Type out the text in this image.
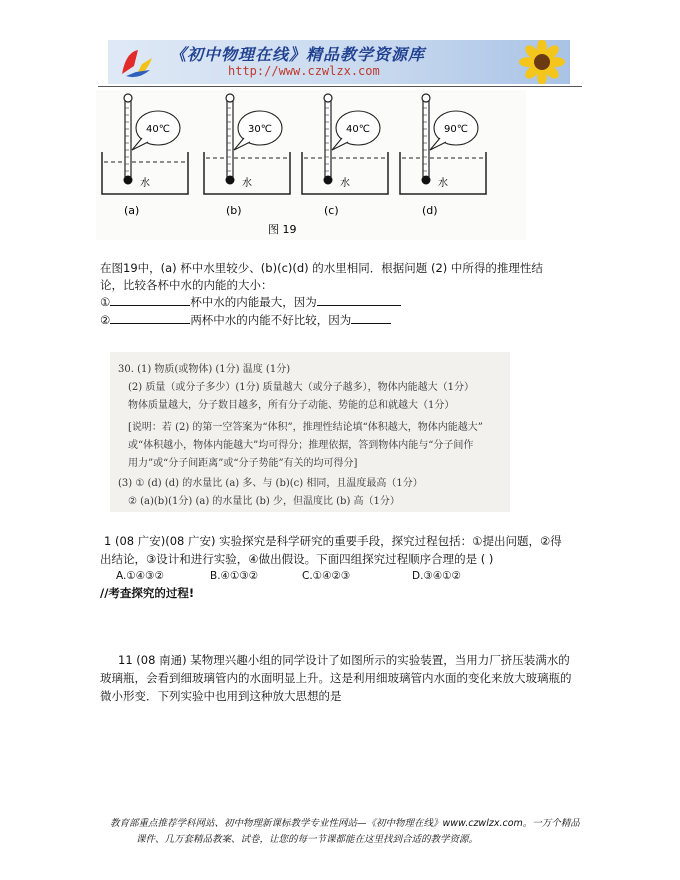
《初中物理在线》精品教学资源库
http://www.czwlzx.com
40℃
水
(a)
30℃
水
(b)
40℃
水
(c)
90℃
水
(d)
图 19
在图19中，(a) 杯中水里较少、(b)(c)(d) 的水里相同．根据问题 (2) 中所得的推理性结
论，比较各杯中水的内能的大小：
①	杯中水的内能最大，因为
②	两杯中水的内能不好比较，因为
30. (1) 物质(或物体) (1分) 温度 (1分)
(2) 质量（或分子多少）(1分) 质量越大（或分子越多），物体内能越大（1分）
物体质量越大，分子数目越多，所有分子动能、势能的总和就越大（1分）
[说明：若 (2) 的第一空答案为“体积”，推理性结论填“体积越大，物体内能越大”
或“体积越小，物体内能越大”均可得分；推理依据，答到物体内能与“分子间作
用力”或“分子间距离”或“分子势能”有关的均可得分]
(3) ① (d) (d) 的水量比 (a) 多、与 (b)(c) 相同，且温度最高（1分）
② (a)(b)(1分) (a) 的水量比 (b) 少，但温度比 (b) 高（1分）
1 (08 广安)(08 广安) 实验探究是科学研究的重要手段，探究过程包括：①提出问题，②得
出结论，③设计和进行实验，④做出假设。下面四组探究过程顺序合理的是 ( )
A.①④③②	B.④①③②	C.①④②③	D.③④①②
//考查探究的过程!
11 (08 南通) 某物理兴趣小组的同学设计了如图所示的实验装置，当用力厂挤压装满水的
玻璃瓶，会看到细玻璃管内的水面明显上升。这是利用细玻璃管内水面的变化来放大玻璃瓶的
微小形变．下列实验中也用到这种放大思想的是
教育部重点推荐学科网站、初中物理新课标教学专业性网站—《初中物理在线》www.czwlzx.com。一万个精品
课件、几万套精品教案、试卷，让您的每一节课都能在这里找到合适的教学资源。
